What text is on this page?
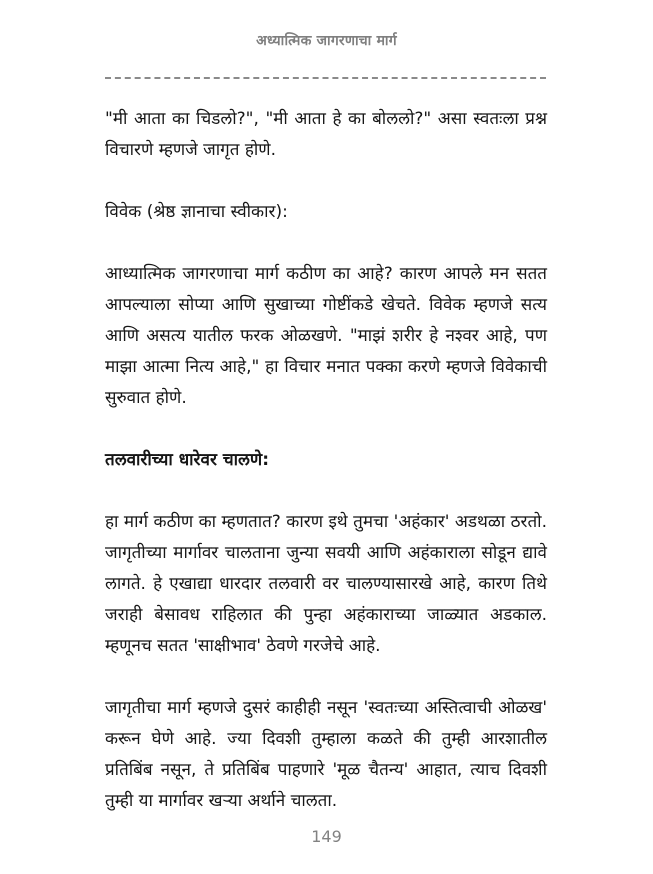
अध्यात्मिक जागरणाचा मार्ग

"मी आता का चिडलो?", "मी आता हे का बोललो?" असा स्वतःला प्रश्न विचारणे म्हणजे जागृत होणे.

विवेक (श्रेष्ठ ज्ञानाचा स्वीकार):

आध्यात्मिक जागरणाचा मार्ग कठीण का आहे? कारण आपले मन सतत आपल्याला सोप्या आणि सुखाच्या गोष्टींकडे खेचते. विवेक म्हणजे सत्य आणि असत्य यातील फरक ओळखणे. "माझं शरीर हे नश्वर आहे, पण माझा आत्मा नित्य आहे," हा विचार मनात पक्का करणे म्हणजे विवेकाची सुरुवात होणे.

तलवारीच्या धारेवर चालणे:

हा मार्ग कठीण का म्हणतात? कारण इथे तुमचा 'अहंकार' अडथळा ठरतो. जागृतीच्या मार्गावर चालताना जुन्या सवयी आणि अहंकाराला सोडून द्यावे लागते. हे एखाद्या धारदार तलवारी वर चालण्यासारखे आहे, कारण तिथे जराही बेसावध राहिलात की पुन्हा अहंकाराच्या जाळ्यात अडकाल. म्हणूनच सतत 'साक्षीभाव' ठेवणे गरजेचे आहे.

जागृतीचा मार्ग म्हणजे दुसरं काहीही नसून 'स्वतःच्या अस्तित्वाची ओळख' करून घेणे आहे. ज्या दिवशी तुम्हाला कळते की तुम्ही आरशातील प्रतिबिंब नसून, ते प्रतिबिंब पाहणारे 'मूळ चैतन्य' आहात, त्याच दिवशी तुम्ही या मार्गावर खऱ्या अर्थाने चालता.

149
